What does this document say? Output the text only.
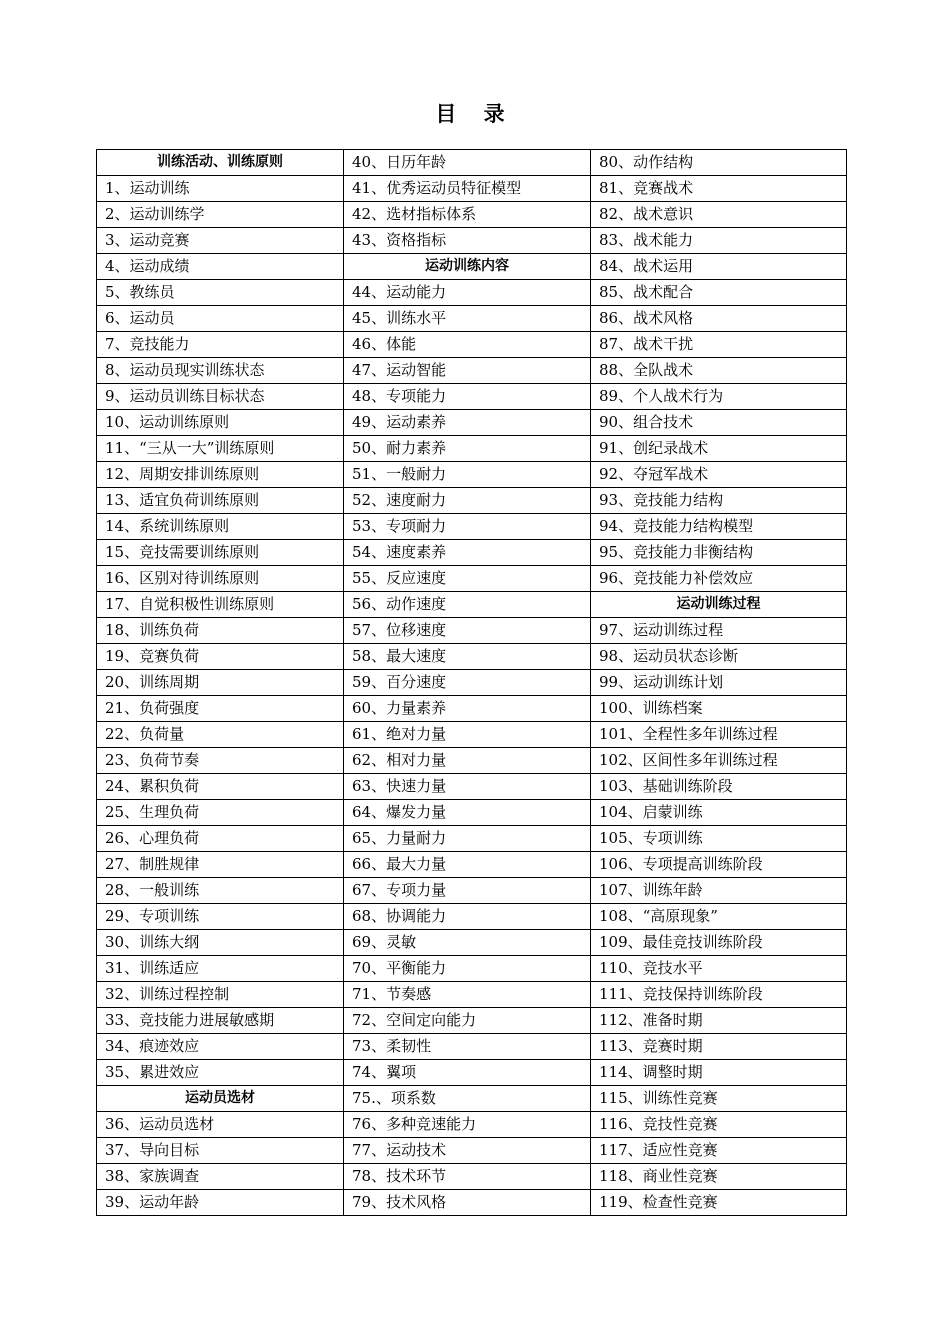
目 录
训练活动、训练原则	40、日历年龄	80、动作结构
1、运动训练	41、优秀运动员特征模型	81、竞赛战术
2、运动训练学	42、选材指标体系	82、战术意识
3、运动竞赛	43、资格指标	83、战术能力
4、运动成绩	运动训练内容	84、战术运用
5、教练员	44、运动能力	85、战术配合
6、运动员	45、训练水平	86、战术风格
7、竞技能力	46、体能	87、战术干扰
8、运动员现实训练状态	47、运动智能	88、全队战术
9、运动员训练目标状态	48、专项能力	89、个人战术行为
10、运动训练原则	49、运动素养	90、组合技术
11、“三从一大”训练原则	50、耐力素养	91、创纪录战术
12、周期安排训练原则	51、一般耐力	92、夺冠军战术
13、适宜负荷训练原则	52、速度耐力	93、竞技能力结构
14、系统训练原则	53、专项耐力	94、竞技能力结构模型
15、竞技需要训练原则	54、速度素养	95、竞技能力非衡结构
16、区别对待训练原则	55、反应速度	96、竞技能力补偿效应
17、自觉积极性训练原则	56、动作速度	运动训练过程
18、训练负荷	57、位移速度	97、运动训练过程
19、竞赛负荷	58、最大速度	98、运动员状态诊断
20、训练周期	59、百分速度	99、运动训练计划
21、负荷强度	60、力量素养	100、训练档案
22、负荷量	61、绝对力量	101、全程性多年训练过程
23、负荷节奏	62、相对力量	102、区间性多年训练过程
24、累积负荷	63、快速力量	103、基础训练阶段
25、生理负荷	64、爆发力量	104、启蒙训练
26、心理负荷	65、力量耐力	105、专项训练
27、制胜规律	66、最大力量	106、专项提高训练阶段
28、一般训练	67、专项力量	107、训练年龄
29、专项训练	68、协调能力	108、“高原现象”
30、训练大纲	69、灵敏	109、最佳竞技训练阶段
31、训练适应	70、平衡能力	110、竞技水平
32、训练过程控制	71、节奏感	111、竞技保持训练阶段
33、竞技能力进展敏感期	72、空间定向能力	112、准备时期
34、痕迹效应	73、柔韧性	113、竞赛时期
35、累进效应	74、翼项	114、调整时期
运动员选材	75.、项系数	115、训练性竞赛
36、运动员选材	76、多种竞速能力	116、竞技性竞赛
37、导向目标	77、运动技术	117、适应性竞赛
38、家族调查	78、技术环节	118、商业性竞赛
39、运动年龄	79、技术风格	119、检查性竞赛
